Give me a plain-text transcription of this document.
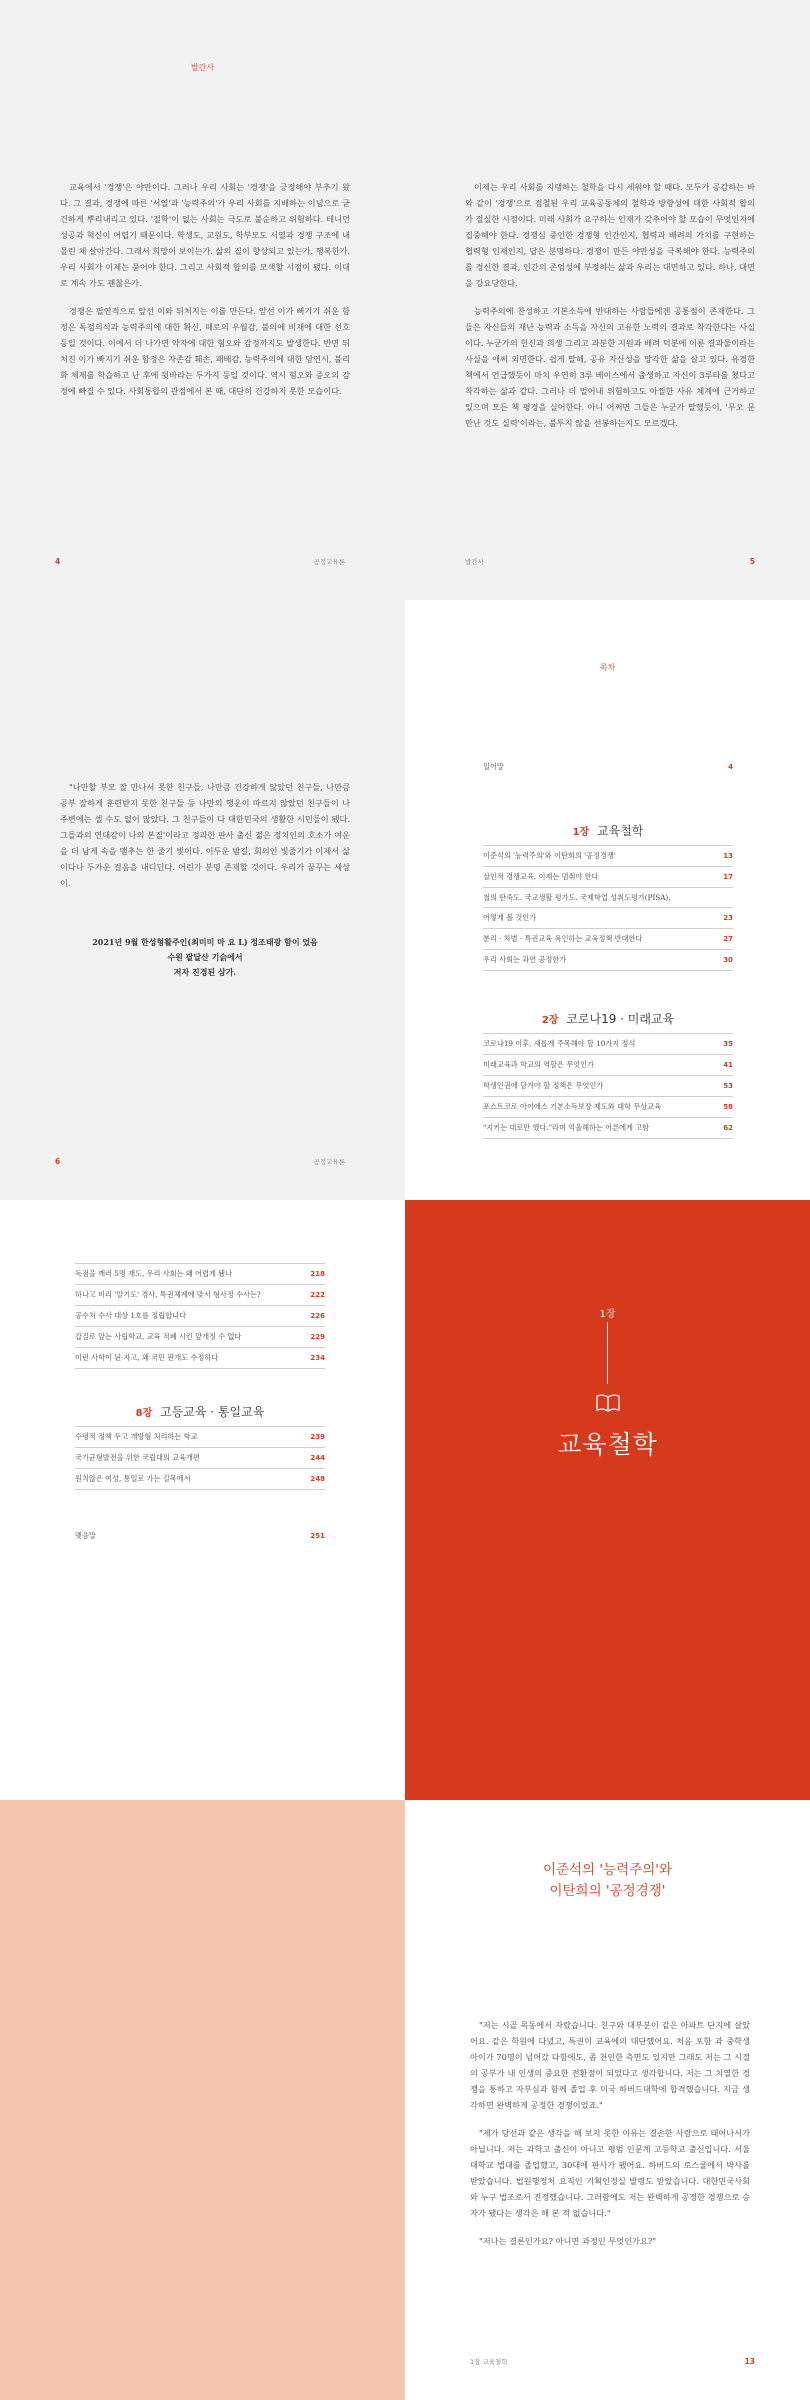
발간사

교육에서 '경쟁'은 야만이다. 그러나 우리 사회는 '경쟁'을 긍정해야 부추기 왔다. 그 결과, 경쟁에 따른 '서열'과 '능력주의'가 우리 사회를 지배하는 이념으로 굳건하게 뿌리내리고 있다. '절학'이 없는 사회는 극도로 불순하고 위험하다. 테니언 성공과 혁신이 어렵기 때문이다. 학생도, 교원도, 학부모도 서열과 경쟁 구조에 내몰린 채 살아간다. 그래서 희망이 보이는가. 삶의 질이 향상되고 있는가. 행복한가. 우리 사회가 이제는 묻어야 한다. 그리고 사회적 합의를 모색할 시점이 됐다. 이대로 계속 가도 괜찮은가.

경쟁은 필연적으로 앞선 이와 뒤처지는 이를 만든다. 앞선 이가 뻐기기 쉬운 함정은 독점의식과 능력주의에 대한 확신, 때로의 우월감, 불의에 비재에 대한 선호 등일 것이다. 이에서 더 나가면 약자에 대한 혐오와 감정까지도 발생한다. 반면 뒤처진 이가 빠지기 쉬운 함정은 자존감 훼손, 패배감, 능력주의에 대한 당연시, 불리화 체제를 학습하고 난 후에 뒷바라는 두가지 등일 것이다. 역시 혐오와 증오의 감정에 빠질 수 있다. 사회통합의 관점에서 본 때, 대단히 건강하지 못한 모습이다.

4	공정교육론

이제는 우리 사회를 지탱하는 철학을 다시 세워야 할 때다. 모두가 공감하는 바와 같이 '경쟁'으로 점철된 우리 교육공동체의 철학과 방향성에 대한 사회적 합의가 절실한 시점이다. 미래 사회가 요구하는 인재가 갖추어야 할 모습이 무엇인지에 집중해야 한다. 경쟁심 중인한 경쟁형 인간인지, 협력과 배려의 가치를 구현하는 협력형 인재인지, 답은 분명하다. 경쟁이 만든 야만성을 극복해야 한다. 능력주의를 경신한 결과, 인간의 존엄성에 부정하는 삶과 우리는 대면하고 있다. 하나, 대면을 강요당한다.

능력주의에 찬성하고 기본소득에 반대하는 사람들에겐 공통점이 존재한다. 그들은 자신들의 재난 능력과 소득을 자신의 고유한 노력의 결과로 착각한다는 사실이다. 누군가의 헌신과 희생 그리고 과분한 지원과 배려 덕분에 이룬 결과물이라는 사실을 애써 외면한다. 쉽게 말해, 공유 자산성을 망각한 삶을 살고 있다. 유경한 책에서 언급했듯이 마치 우연히 3루 베이스에서 출생하고 자신이 3루타를 쳤다고 착각하는 삶과 같다. 그러나 더 멀어내 위험하고도 아찔한 사유 체계에 근거하고 있으며 모든 책 평경을 실어한다. 아니 어쩌면 그들은 누군가 말했듯이, '무오 문 만난 것도 실력'이라는, 불투지 않을 선봉하는지도 모르겠다.

발간사	5

"나만할 부모 잘 만나서 못한 친구들, 나만큼 건강하게 않았던 친구들, 나만큼 공부 잘하게 훈련받지 못한 친구들 등 나만의 행운이 따르지 않았던 친구들이 나 주변에는 셀 수도 없이 많았다. 그 친구들이 다 대한민국의 생활한 시민들이 됐다. 그들과의 연대감이 나의 본질'이라고 정과한 판사 출신 젊은 정치인의 호소가 여운을 더 남게 속을 맴추는 한 줄기 빛이다. 이두운 밤길, 회의인 빛줄기가 이제서 삶이다나 두가운 걸음을 내디딘다. 어린가 분명 존재할 것이다. 우리가 꿈꾸는 세상이.

2021년 9월 한성형활주인(최미미 마 요 L) 정조태광 함이 었음
수원 팔달산 기슭에서
저자 진경된 삼가.
6	공정교육론
목차
일어말	4
1장 교육철학
이준석의 '능력주의'와 이탄희의 '공정경쟁'	13
살인적 경쟁교육, 이제는 멈춰야 한다	17
철의 딴죽도. 국교생활 평가도. 국제학업 성취도평가(PISA),
어떻게 볼 것인가	23
분리 · 차별 · 특권교육 욕인하는 교육정책 반대한다	27
우리 사회는 과연 공정한가	30
2장 코로나19 · 미래교육
코로나19 이후, 새롭게 주목해야 할 10가지 정석	35
미래교육과 학교의 역할은 무엇인가	41
학생인권에 담겨야 할 정책은 무엇인가	53
포스트코로 아이에스 기본소득보장 제도와 대학 무상교육	58
"지키는 대로만 했다."라며 억울해하는 어른에게 고함	62
독점을 깨러 5명 재도, 우리 사회는 왜 어렵게 됐나	218
하나고 비리 '알기도' 경사, 특권체계에 맞서 형사정 수사는?	222
공수처 수사 대상 1호를 정립합니다	226
갑질로 앞는 사립학교, 교육 적폐 시킨 앞개정 수 없다	229
이런 사학이 된 자고, 왜 국민 판개도 수정하다	234
8장 고등교육 · 통일교육
수평적 정책 두고 개방형 처리하는 학교	239
국가균형발전을 위한 국립대의 교육개편	244
원치않은 여성, 통일로 가는 길목에서	248
맺음말	251
1장
교육철학
이준석의 '능력주의'와
이탄희의 '공정경쟁'

"저는 시골 목동에서 자랐습니다. 친구와 대부분이 같은 아파트 단지에 살았어요. 같은 학원에 다녔고, 특권이 교육에의 대단했어요. 처음 포함 과 중학생 아이가 70명이 넘어갔 다함에도, 좀 천인한 측면도 있지만 그래도 저는 그 시절의 공부가 내 인생의 중요한 전환점이 되었다고 생각합니다. 저는 그 치열한 경쟁을 통하고 자부심과 함께 졸업 후 미국 하버드대학에 합격했습니다. 지금 생각하면 완벽하게 공정한 경쟁이었죠."

"제가 당선과 같은 생각을 해 보지 못한 이유는 결손한 사람으로 태어나서가 아닙니다. 저는 과학고 출신이 아니고 평범 인문계 고등학교 출신입니다. 서울대학교 법대를 졸업했고, 30대에 판사가 됐어요. 하버드의 로스쿨에서 박사를 받았습니다. 법원행정처 요직인 기획인정실 발령도 받았습니다. 대한민국사회와 누구 법조로서 진정했습니다. 그러함에도 저는 완벽하게 공정한 경쟁으로 승자가 됐다는 생각은 해 본 적 없습니다."

"저나는 결론인가요? 아니면 과정인 무엇인가요?"

1장 교육철학	13
